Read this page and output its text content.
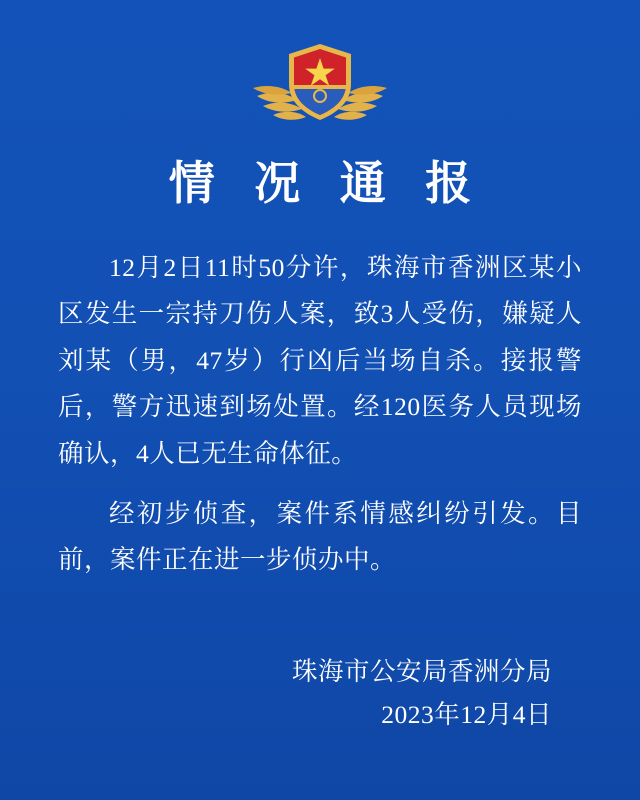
情 况 通 报

12月2日11时50分许，珠海市香洲区某小区发生一宗持刀伤人案，致3人受伤，嫌疑人刘某（男，47岁）行凶后当场自杀。接报警后，警方迅速到场处置。经120医务人员现场确认，4人已无生命体征。

经初步侦查，案件系情感纠纷引发。目前，案件正在进一步侦办中。

珠海市公安局香洲分局
2023年12月4日
